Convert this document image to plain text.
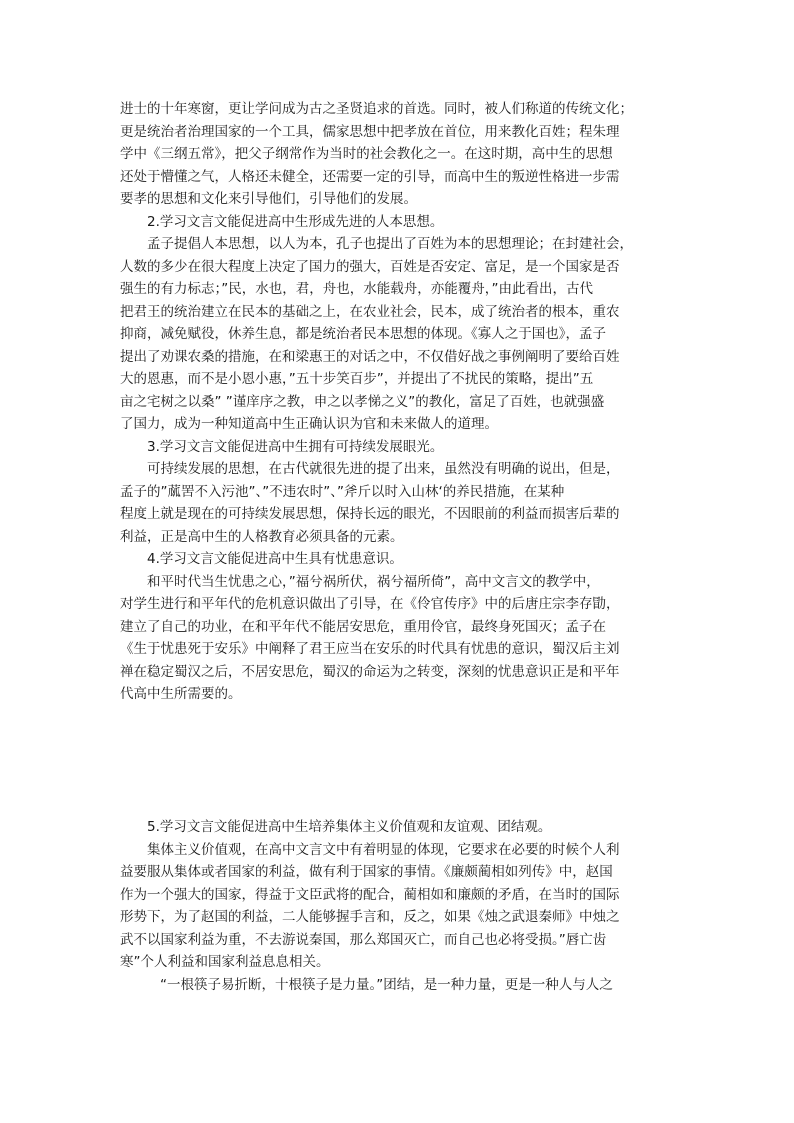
进士的十年寒窗，更让学问成为古之圣贤追求的首选。同时，被人们称道的传统文化；
更是统治者治理国家的一个工具，儒家思想中把孝放在首位，用来教化百姓；程朱理
学中《三纲五常》，把父子纲常作为当时的社会教化之一。在这时期，高中生的思想
还处于懵懂之气，人格还未健全，还需要一定的引导，而高中生的叛逆性格进一步需
要孝的思想和文化来引导他们，引导他们的发展。
2.学习文言文能促进高中生形成先进的人本思想。
孟子提倡人本思想，以人为本，孔子也提出了百姓为本的思想理论；在封建社会，
人数的多少在很大程度上决定了国力的强大，百姓是否安定、富足，是一个国家是否
强生的有力标志；”民，水也，君，舟也，水能载舟，亦能覆舟，”由此看出，古代
把君王的统治建立在民本的基础之上，在农业社会，民本，成了统治者的根本，重农
抑商，减免赋役，休养生息，都是统治者民本思想的体现。《寡人之于国也》，孟子
提出了劝课农桑的措施，在和梁惠王的对话之中，不仅借好战之事例阐明了要给百姓
大的恩惠，而不是小恩小惠，”五十步笑百步”，并提出了不扰民的策略，提出”五
亩之宅树之以桑” ”谨庠序之教，申之以孝悌之义”的教化，富足了百姓，也就强盛
了国力，成为一种知道高中生正确认识为官和未来做人的道理。
3.学习文言文能促进高中生拥有可持续发展眼光。
可持续发展的思想，在古代就很先进的提了出来，虽然没有明确的说出，但是，
孟子的”蓏罟不入污池”、”不违农时”、”斧斤以时入山林‘的养民措施，在某种
程度上就是现在的可持续发展思想，保持长远的眼光，不因眼前的利益而损害后辈的
利益，正是高中生的人格教育必须具备的元素。
4.学习文言文能促进高中生具有忧患意识。
和平时代当生忧患之心，”福兮祸所伏，祸兮福所倚”，高中文言文的教学中，
对学生进行和平年代的危机意识做出了引导，在《伶官传序》中的后唐庄宗李存勖，
建立了自己的功业，在和平年代不能居安思危，重用伶官，最终身死国灭；孟子在
《生于忧患死于安乐》中阐释了君王应当在安乐的时代具有忧患的意识，蜀汉后主刘
禅在稳定蜀汉之后，不居安思危，蜀汉的命运为之转变，深刻的忧患意识正是和平年
代高中生所需要的。
5.学习文言文能促进高中生培养集体主义价值观和友谊观、团结观。
集体主义价值观，在高中文言文中有着明显的体现，它要求在必要的时候个人利
益要服从集体或者国家的利益，做有利于国家的事情。《廉颇蔺相如列传》中，赵国
作为一个强大的国家，得益于文臣武将的配合，蔺相如和廉颇的矛盾，在当时的国际
形势下，为了赵国的利益，二人能够握手言和，反之，如果《烛之武退秦师》中烛之
武不以国家利益为重，不去游说秦国，那么郑国灭亡，而自己也必将受损。”唇亡齿
寒”个人利益和国家利益息息相关。
“一根筷子易折断，十根筷子是力量。”团结，是一种力量，更是一种人与人之
